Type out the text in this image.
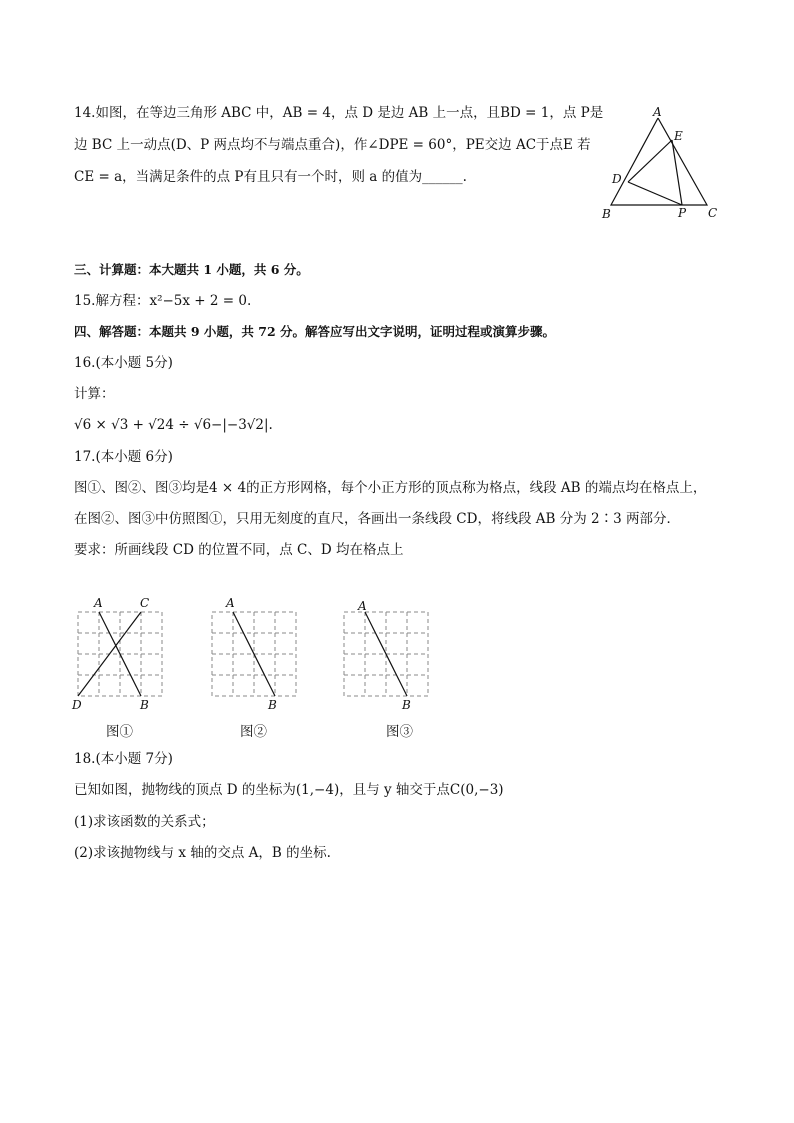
14.如图，在等边三角形 ABC 中，AB = 4，点 D 是边 AB 上一点，且BD = 1，点 P是
边 BC 上一动点(D、P 两点均不与端点重合)，作∠DPE = 60°，PE交边 AC于点E 若
CE = a，当满足条件的点 P有且只有一个时，则 a 的值为______.
A
E
D
B	P C
三、计算题：本大题共 1 小题，共 6 分。
15.解方程：x²−5x + 2 = 0.
四、解答题：本题共 9 小题，共 72 分。解答应写出文字说明，证明过程或演算步骤。
16.(本小题 5分)
计算：
√6 × √3 + √24 ÷ √6−|−3√2|.
17.(本小题 6分)
图①、图②、图③均是4 × 4的正方形网格，每个小正方形的顶点称为格点，线段 AB 的端点均在格点上，
在图②、图③中仿照图①，只用无刻度的直尺，各画出一条线段 CD，将线段 AB 分为 2∶3 两部分．
要求：所画线段 CD 的位置不同，点 C、D 均在格点上
A	C
D	B
图①
A
B
图②
A
B
图③
18.(本小题 7分)
已知如图，抛物线的顶点 D 的坐标为(1,−4)，且与 y 轴交于点C(0,−3)
(1)求该函数的关系式；
(2)求该抛物线与 x 轴的交点 A，B 的坐标.
